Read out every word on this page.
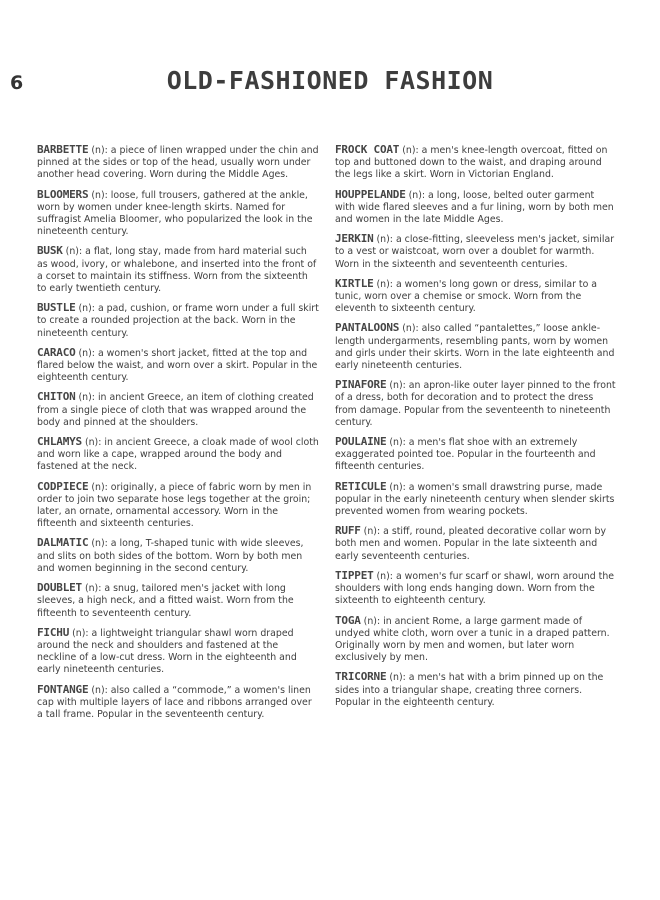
6	OLD-FASHIONED FASHION

BARBETTE (n): a piece of linen wrapped under the chin and pinned at the sides or top of the head, usually worn under another head covering. Worn during the Middle Ages.

BLOOMERS (n): loose, full trousers, gathered at the ankle, worn by women under knee-length skirts. Named for suffragist Amelia Bloomer, who popularized the look in the nineteenth century.

BUSK (n): a flat, long stay, made from hard material such as wood, ivory, or whalebone, and inserted into the front of a corset to maintain its stiffness. Worn from the sixteenth to early twentieth century.

BUSTLE (n): a pad, cushion, or frame worn under a full skirt to create a rounded projection at the back. Worn in the nineteenth century.

CARACO (n): a women's short jacket, fitted at the top and flared below the waist, and worn over a skirt. Popular in the eighteenth century.

CHITON (n): in ancient Greece, an item of clothing created from a single piece of cloth that was wrapped around the body and pinned at the shoulders.

CHLAMYS (n): in ancient Greece, a cloak made of wool cloth and worn like a cape, wrapped around the body and fastened at the neck.

CODPIECE (n): originally, a piece of fabric worn by men in order to join two separate hose legs together at the groin; later, an ornate, ornamental accessory. Worn in the fifteenth and sixteenth centuries.

DALMATIC (n): a long, T-shaped tunic with wide sleeves, and slits on both sides of the bottom. Worn by both men and women beginning in the second century.

DOUBLET (n): a snug, tailored men's jacket with long sleeves, a high neck, and a fitted waist. Worn from the fifteenth to seventeenth century.

FICHU (n): a lightweight triangular shawl worn draped around the neck and shoulders and fastened at the neckline of a low-cut dress. Worn in the eighteenth and early nineteenth centuries.

FONTANGE (n): also called a “commode,” a women's linen cap with multiple layers of lace and ribbons arranged over a tall frame. Popular in the seventeenth century.

FROCK COAT (n): a men's knee-length overcoat, fitted on top and buttoned down to the waist, and draping around the legs like a skirt. Worn in Victorian England.

HOUPPELANDE (n): a long, loose, belted outer garment with wide flared sleeves and a fur lining, worn by both men and women in the late Middle Ages.

JERKIN (n): a close-fitting, sleeveless men's jacket, similar to a vest or waistcoat, worn over a doublet for warmth. Worn in the sixteenth and seventeenth centuries.

KIRTLE (n): a women's long gown or dress, similar to a tunic, worn over a chemise or smock. Worn from the eleventh to sixteenth century.

PANTALOONS (n): also called “pantalettes,” loose ankle-length undergarments, resembling pants, worn by women and girls under their skirts. Worn in the late eighteenth and early nineteenth centuries.

PINAFORE (n): an apron-like outer layer pinned to the front of a dress, both for decoration and to protect the dress from damage. Popular from the seventeenth to nineteenth century.

POULAINE (n): a men's flat shoe with an extremely exaggerated pointed toe. Popular in the fourteenth and fifteenth centuries.

RETICULE (n): a women's small drawstring purse, made popular in the early nineteenth century when slender skirts prevented women from wearing pockets.

RUFF (n): a stiff, round, pleated decorative collar worn by both men and women. Popular in the late sixteenth and early seventeenth centuries.

TIPPET (n): a women's fur scarf or shawl, worn around the shoulders with long ends hanging down. Worn from the sixteenth to eighteenth century.

TOGA (n): in ancient Rome, a large garment made of undyed white cloth, worn over a tunic in a draped pattern. Originally worn by men and women, but later worn exclusively by men.

TRICORNE (n): a men's hat with a brim pinned up on the sides into a triangular shape, creating three corners. Popular in the eighteenth century.
